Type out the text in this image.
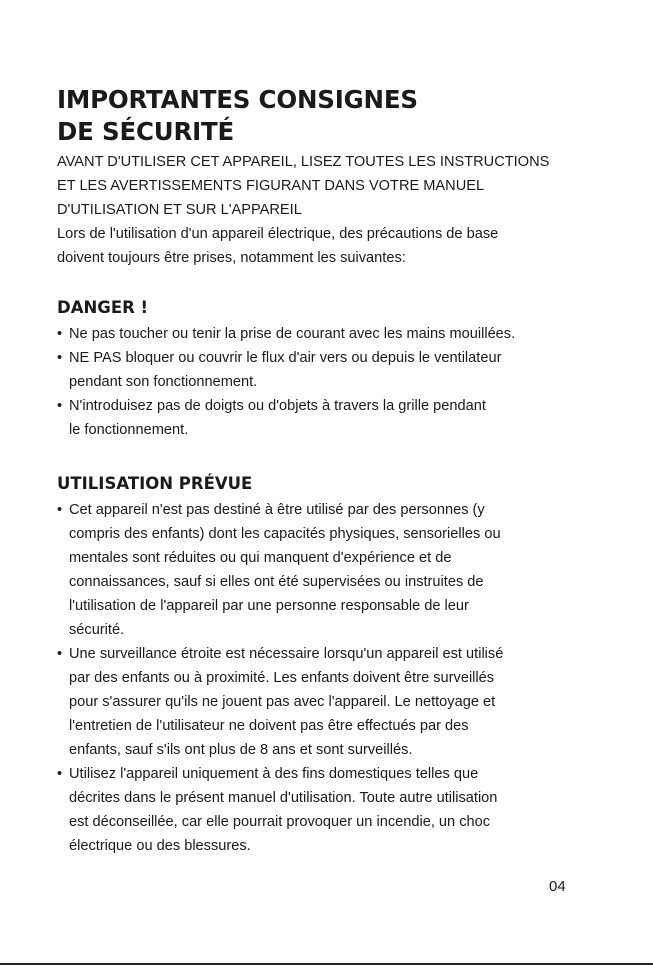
IMPORTANTES CONSIGNES
DE SÉCURITÉ

AVANT D'UTILISER CET APPAREIL, LISEZ TOUTES LES INSTRUCTIONS
ET LES AVERTISSEMENTS FIGURANT DANS VOTRE MANUEL
D'UTILISATION ET SUR L'APPAREIL

Lors de l'utilisation d'un appareil électrique, des précautions de base
doivent toujours être prises, notamment les suivantes:

DANGER !
• Ne pas toucher ou tenir la prise de courant avec les mains mouillées.
• NE PAS bloquer ou couvrir le flux d'air vers ou depuis le ventilateur
pendant son fonctionnement.
• N'introduisez pas de doigts ou d'objets à travers la grille pendant
le fonctionnement.
UTILISATION PRÉVUE
• Cet appareil n'est pas destiné à être utilisé par des personnes (y
compris des enfants) dont les capacités physiques, sensorielles ou
mentales sont réduites ou qui manquent d'expérience et de
connaissances, sauf si elles ont été supervisées ou instruites de
l'utilisation de l'appareil par une personne responsable de leur
sécurité.
• Une surveillance étroite est nécessaire lorsqu'un appareil est utilisé
par des enfants ou à proximité. Les enfants doivent être surveillés
pour s'assurer qu'ils ne jouent pas avec l'appareil. Le nettoyage et
l'entretien de l'utilisateur ne doivent pas être effectués par des
enfants, sauf s'ils ont plus de 8 ans et sont surveillés.
• Utilisez l'appareil uniquement à des fins domestiques telles que
décrites dans le présent manuel d'utilisation. Toute autre utilisation
est déconseillée, car elle pourrait provoquer un incendie, un choc
électrique ou des blessures.
04
